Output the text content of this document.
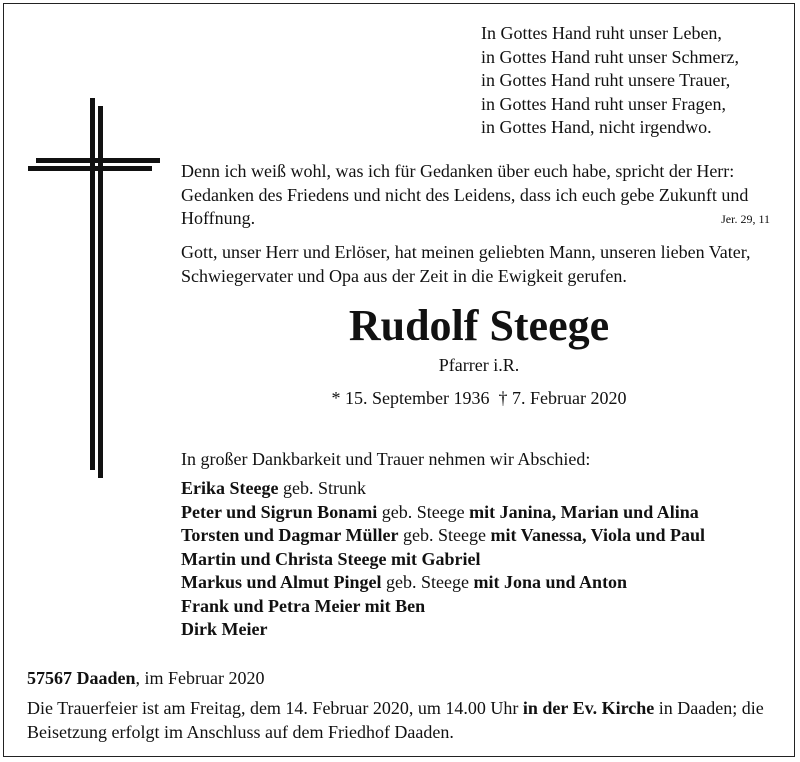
In Gottes Hand ruht unser Leben,
in Gottes Hand ruht unser Schmerz,
in Gottes Hand ruht unsere Trauer,
in Gottes Hand ruht unser Fragen,
in Gottes Hand, nicht irgendwo.
Denn ich weiß wohl, was ich für Gedanken über euch habe, spricht der Herr: Gedanken des Friedens und nicht des Leidens, dass ich euch gebe Zukunft und Hoffnung.	Jer. 29, 11
Gott, unser Herr und Erlöser, hat meinen geliebten Mann, unseren lieben Vater, Schwiegervater und Opa aus der Zeit in die Ewigkeit gerufen.
Rudolf Steege
Pfarrer i.R.
* 15. September 1936  † 7. Februar 2020
In großer Dankbarkeit und Trauer nehmen wir Abschied:
Erika Steege geb. Strunk
Peter und Sigrun Bonami geb. Steege mit Janina, Marian und Alina
Torsten und Dagmar Müller geb. Steege mit Vanessa, Viola und Paul
Martin und Christa Steege mit Gabriel
Markus und Almut Pingel geb. Steege mit Jona und Anton
Frank und Petra Meier mit Ben
Dirk Meier
57567 Daaden, im Februar 2020
Die Trauerfeier ist am Freitag, dem 14. Februar 2020, um 14.00 Uhr in der Ev. Kirche in Daaden; die Beisetzung erfolgt im Anschluss auf dem Friedhof Daaden.
